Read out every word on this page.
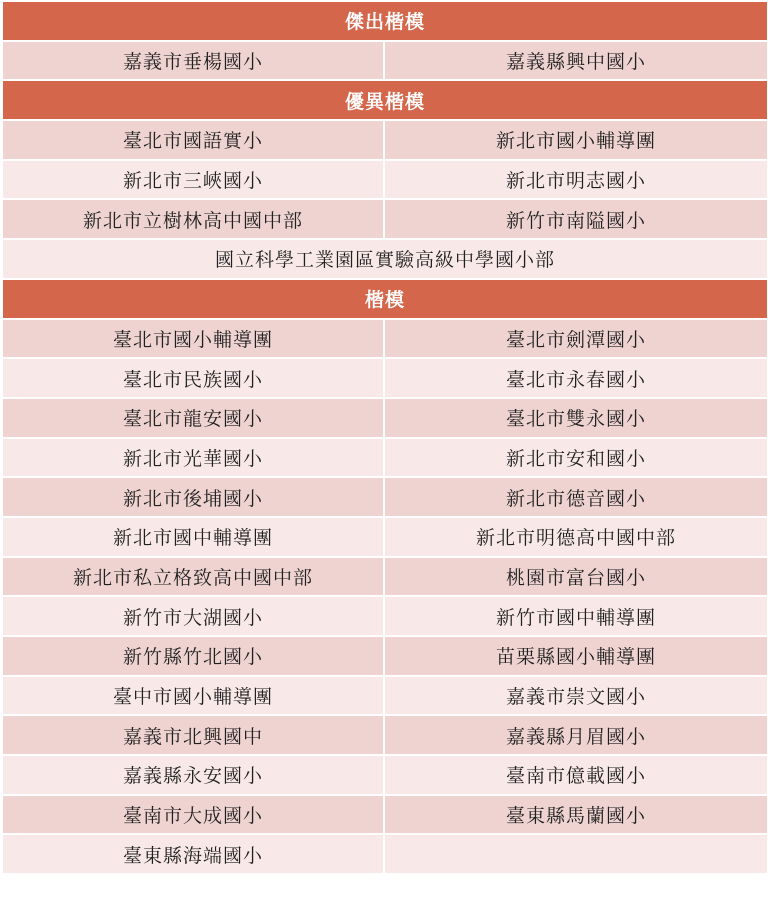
傑出楷模	
嘉義市垂楊國小	嘉義縣興中國小
優異楷模	
臺北市國語實小	新北市國小輔導團
新北市三峽國小	新北市明志國小
新北市立樹林高中國中部	新竹市南隘國小
國立科學工業園區實驗高級中學國小部	
楷模	
臺北市國小輔導團	臺北市劍潭國小
臺北市民族國小	臺北市永春國小
臺北市龍安國小	臺北市雙永國小
新北市光華國小	新北市安和國小
新北市後埔國小	新北市德音國小
新北市國中輔導團	新北市明德高中國中部
新北市私立格致高中國中部	桃園市富台國小
新竹市大湖國小	新竹市國中輔導團
新竹縣竹北國小	苗栗縣國小輔導團
臺中市國小輔導團	嘉義市崇文國小
嘉義市北興國中	嘉義縣月眉國小
嘉義縣永安國小	臺南市億載國小
臺南市大成國小	臺東縣馬蘭國小
臺東縣海端國小	
